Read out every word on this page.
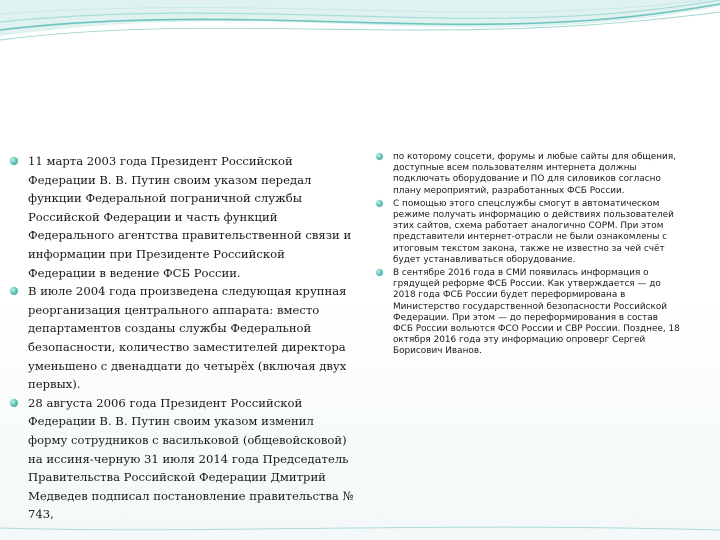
11 марта 2003 года Президент Российской Федерации В. В. Путин своим указом передал функции Федеральной пограничной службы Российской Федерации и часть функций Федерального агентства правительственной связи и информации при Президенте Российской Федерации в ведение ФСБ России.
В июле 2004 года произведена следующая крупная реорганизация центрального аппарата: вместо департаментов созданы службы Федеральной безопасности, количество заместителей директора уменьшено с двенадцати до четырёх (включая двух первых).
28 августа 2006 года Президент Российской Федерации В. В. Путин своим указом изменил форму сотрудников с васильковой (общевойсковой) на иссиня-черную 31 июля 2014 года Председатель Правительства Российской Федерации Дмитрий Медведев подписал постановление правительства № 743,
по которому соцсети, форумы и любые сайты для общения, доступные всем пользователям интернета должны подключать оборудование и ПО для силовиков согласно плану мероприятий, разработанных ФСБ России.
С помощью этого спецслужбы смогут в автоматическом режиме получать информацию о действиях пользователей этих сайтов, схема работает аналогично СОРМ. При этом представители интернет-отрасли не были ознакомлены с итоговым текстом закона, также не известно за чей счёт будет устанавливаться оборудование.
В сентябре 2016 года в СМИ появилась информация о грядущей реформе ФСБ России. Как утверждается — до 2018 года ФСБ России будет переформирована в Министерство государственной безопасности Российской Федерации. При этом — до переформирования в состав ФСБ России вольются ФСО России и СВР России. Позднее, 18 октября 2016 года эту информацию опроверг Сергей Борисович Иванов.
